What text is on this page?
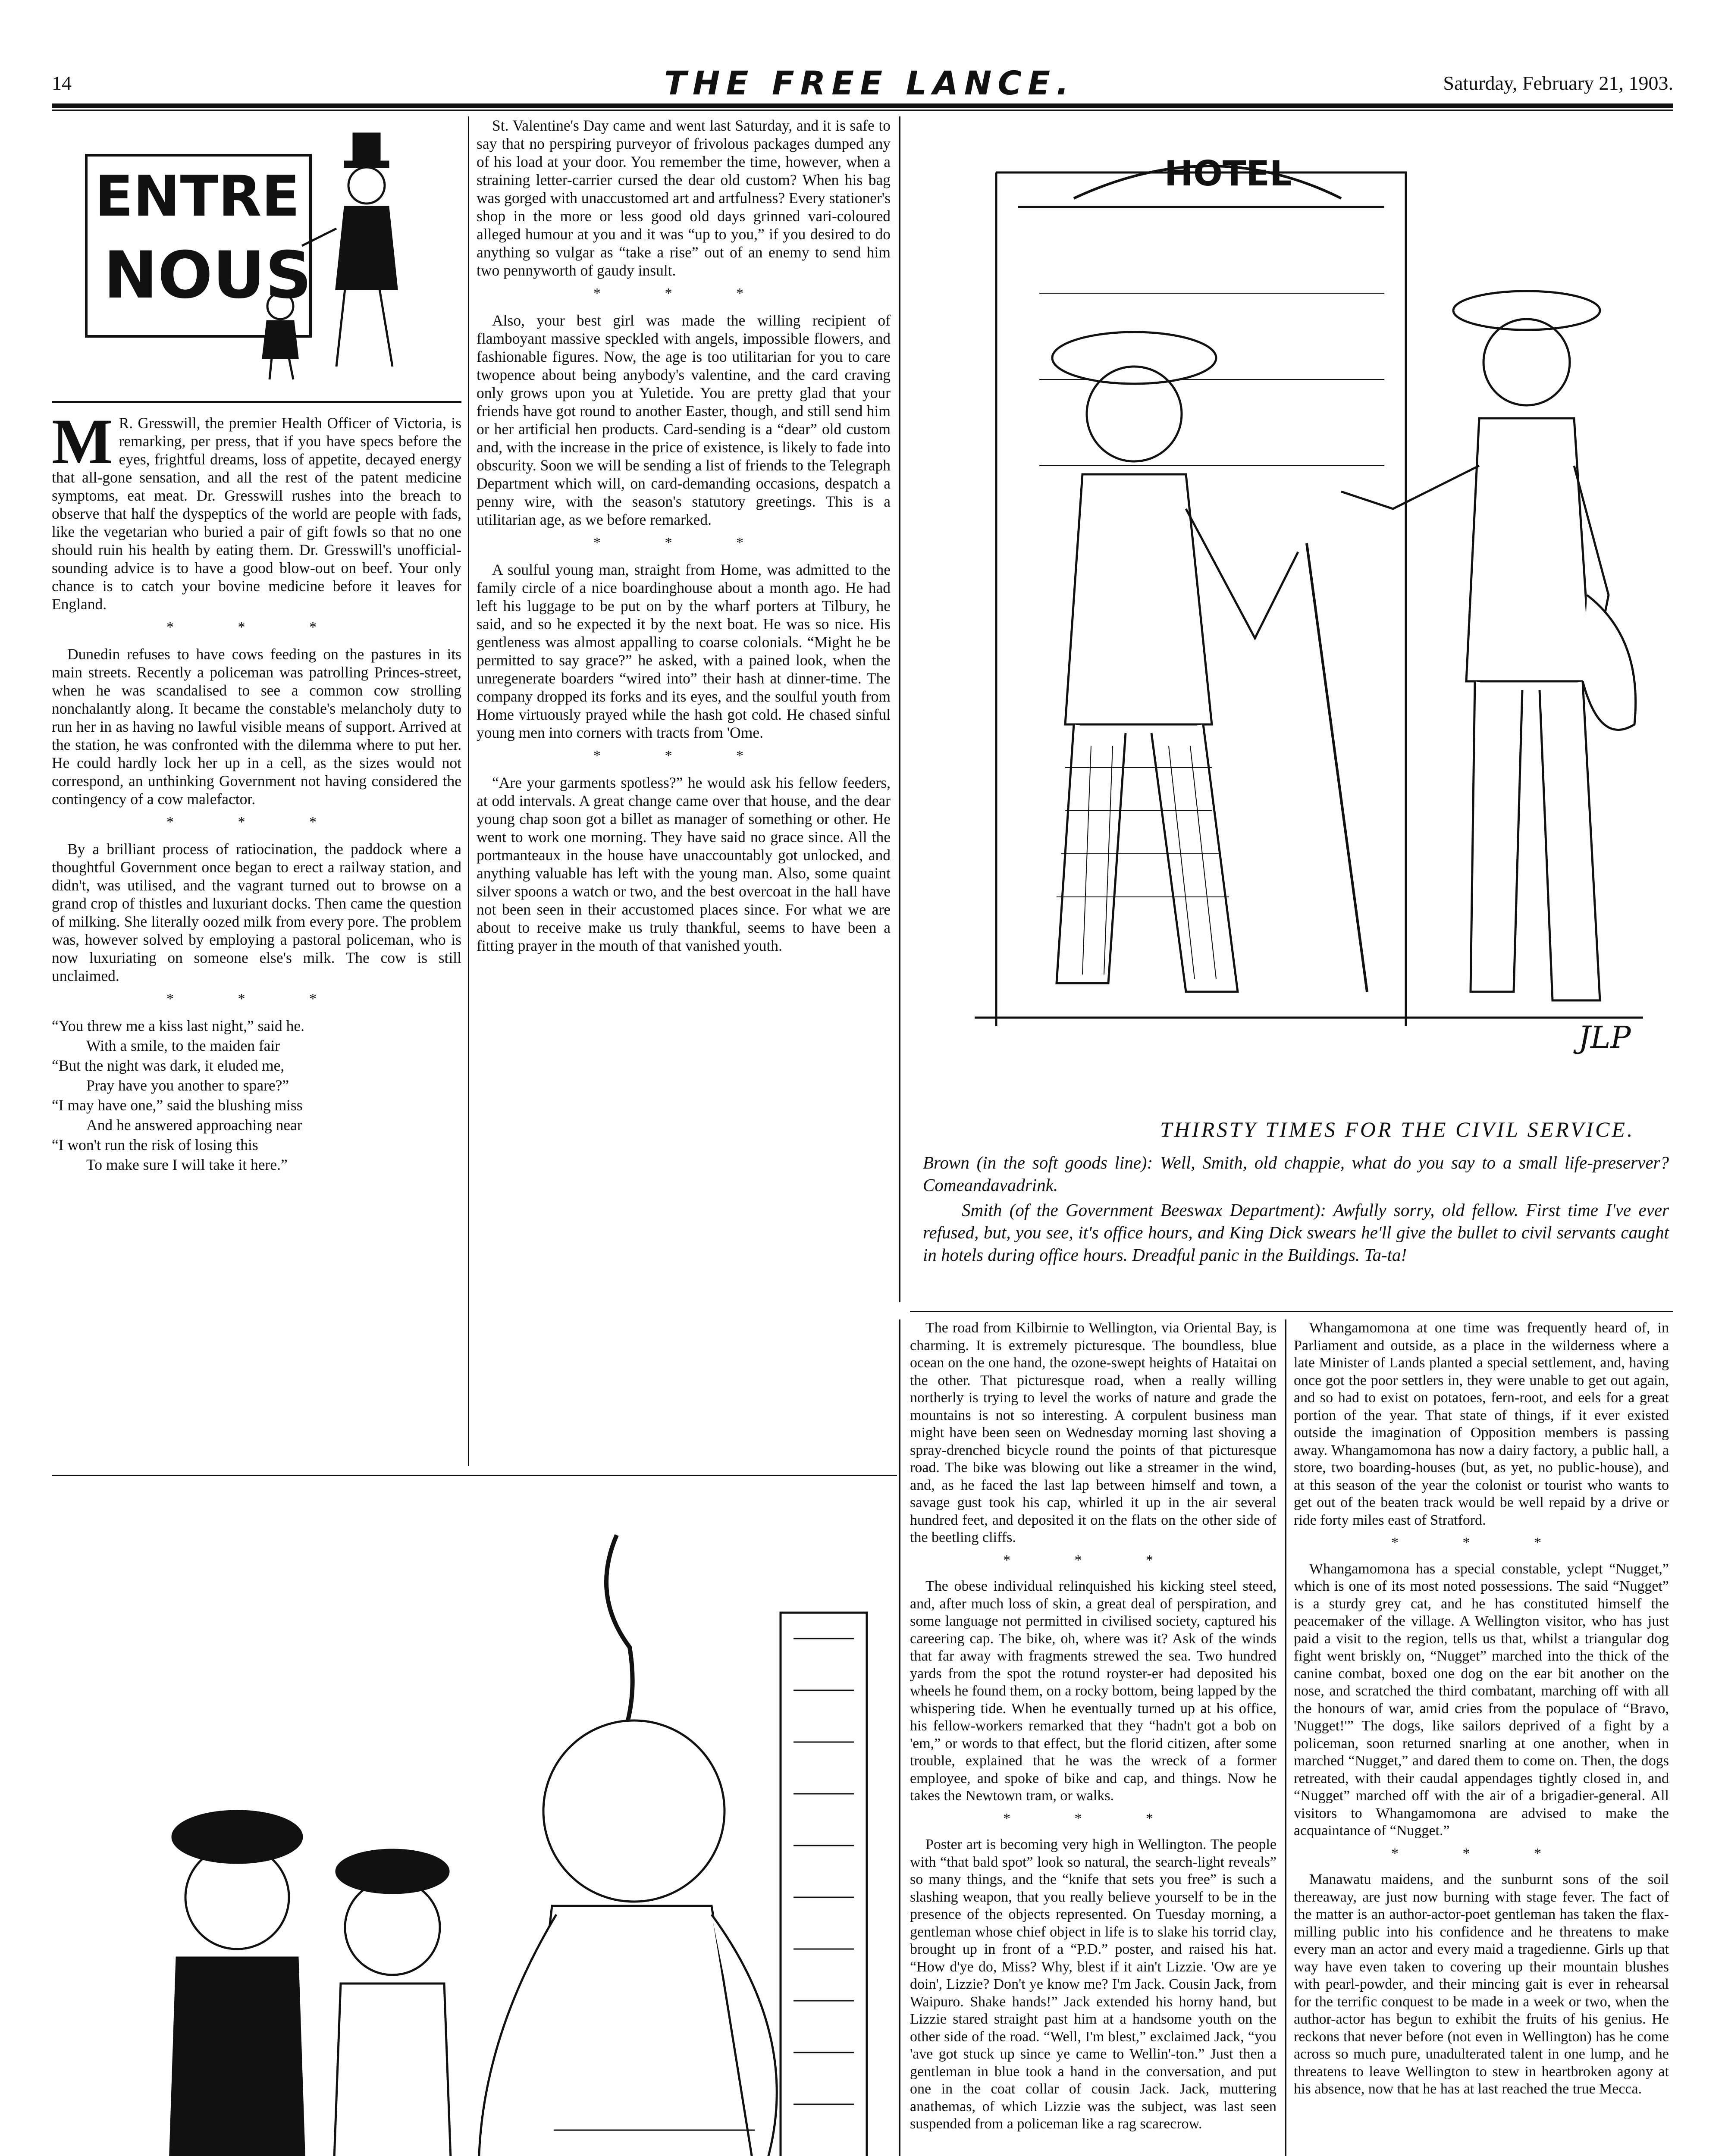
14	THE FREE LANCE.	Saturday, February 21, 1903.
ENTRE
NOUS

M R. Gresswill, the premier Health Officer of Victoria, is remarking, per press, that if you have specs before the eyes, frightful dreams, loss of appetite, decayed energy that all-gone sensation, and all the rest of the patent medicine symptoms, eat meat. Dr. Gresswill rushes into the breach to observe that half the dyspeptics of the world are people with fads, like the vegetarian who buried a pair of gift fowls so that no one should ruin his health by eating them. Dr. Gresswill's unofficial-sounding advice is to have a good blow-out on beef. Your only chance is to catch your bovine medicine before it leaves for England.

* * *

Dunedin refuses to have cows feeding on the pastures in its main streets. Recently a policeman was patrolling Princes-street, when he was scandalised to see a common cow strolling nonchalantly along. It became the constable's melancholy duty to run her in as having no lawful visible means of support. Arrived at the station, he was confronted with the dilemma where to put her. He could hardly lock her up in a cell, as the sizes would not correspond, an unthinking Government not having considered the contingency of a cow malefactor.

* * *

By a brilliant process of ratiocination, the paddock where a thoughtful Government once began to erect a railway station, and didn't, was utilised, and the vagrant turned out to browse on a grand crop of thistles and luxuriant docks. Then came the question of milking. She literally oozed milk from every pore. The problem was, however solved by employing a pastoral policeman, who is now luxuriating on someone else's milk. The cow is still unclaimed.

* * *
“You threw me a kiss last night,” said he.
With a smile, to the maiden fair
“But the night was dark, it eluded me,
Pray have you another to spare?”
“I may have one,” said the blushing miss
And he answered approaching near
“I won't run the risk of losing this
To make sure I will take it here.”

St. Valentine's Day came and went last Saturday, and it is safe to say that no perspiring purveyor of frivolous packages dumped any of his load at your door. You remember the time, however, when a straining letter-carrier cursed the dear old custom? When his bag was gorged with unaccustomed art and artfulness? Every stationer's shop in the more or less good old days grinned vari-coloured alleged humour at you and it was “up to you,” if you desired to do anything so vulgar as “take a rise” out of an enemy to send him two pennyworth of gaudy insult.

* * *

Also, your best girl was made the willing recipient of flamboyant massive speckled with angels, impossible flowers, and fashionable figures. Now, the age is too utilitarian for you to care twopence about being anybody's valentine, and the card craving only grows upon you at Yuletide. You are pretty glad that your friends have got round to another Easter, though, and still send him or her artificial hen products. Card-sending is a “dear” old custom and, with the increase in the price of existence, is likely to fade into obscurity. Soon we will be sending a list of friends to the Telegraph Department which will, on card-demanding occasions, despatch a penny wire, with the season's statutory greetings. This is a utilitarian age, as we before remarked.

* * *

A soulful young man, straight from Home, was admitted to the family circle of a nice boardinghouse about a month ago. He had left his luggage to be put on by the wharf porters at Tilbury, he said, and so he expected it by the next boat. He was so nice. His gentleness was almost appalling to coarse colonials. “Might he be permitted to say grace?” he asked, with a pained look, when the unregenerate boarders “wired into” their hash at dinner-time. The company dropped its forks and its eyes, and the soulful youth from Home virtuously prayed while the hash got cold. He chased sinful young men into corners with tracts from 'Ome.

* * *

“Are your garments spotless?” he would ask his fellow feeders, at odd intervals. A great change came over that house, and the dear young chap soon got a billet as manager of something or other. He went to work one morning. They have said no grace since. All the portmanteaux in the house have unaccountably got unlocked, and anything valuable has left with the young man. Also, some quaint silver spoons a watch or two, and the best overcoat in the hall have not been seen in their accustomed places since. For what we are about to receive make us truly thankful, seems to have been a fitting prayer in the mouth of that vanished youth.

HOTEL
JLP
THIRSTY TIMES FOR THE CIVIL SERVICE.
Brown (in the soft goods line): Well, Smith, old chappie, what do you say to a small life-preserver? Comeandavadrink.
Smith (of the Government Beeswax Department): Awfully sorry, old fellow. First time I've ever refused, but, you see, it's office hours, and King Dick swears he'll give the bullet to civil servants caught in hotels during office hours. Dreadful panic in the Buildings. Ta-ta!

The road from Kilbirnie to Wellington, via Oriental Bay, is charming. It is extremely picturesque. The boundless, blue ocean on the one hand, the ozone-swept heights of Hataitai on the other. That picturesque road, when a really willing northerly is trying to level the works of nature and grade the mountains is not so interesting. A corpulent business man might have been seen on Wednesday morning last shoving a spray-drenched bicycle round the points of that picturesque road. The bike was blowing out like a streamer in the wind, and, as he faced the last lap between himself and town, a savage gust took his cap, whirled it up in the air several hundred feet, and deposited it on the flats on the other side of the beetling cliffs.

* * *

The obese individual relinquished his kicking steel steed, and, after much loss of skin, a great deal of perspiration, and some language not permitted in civilised society, captured his careering cap. The bike, oh, where was it? Ask of the winds that far away with fragments strewed the sea. Two hundred yards from the spot the rotund royster-er had deposited his wheels he found them, on a rocky bottom, being lapped by the whispering tide. When he eventually turned up at his office, his fellow-workers remarked that they “hadn't got a bob on 'em,” or words to that effect, but the florid citizen, after some trouble, explained that he was the wreck of a former employee, and spoke of bike and cap, and things. Now he takes the Newtown tram, or walks.

* * *

Poster art is becoming very high in Wellington. The people with “that bald spot” look so natural, the search-light reveals” so many things, and the “knife that sets you free” is such a slashing weapon, that you really believe yourself to be in the presence of the objects represented. On Tuesday morning, a gentleman whose chief object in life is to slake his torrid clay, brought up in front of a “P.D.” poster, and raised his hat. “How d'ye do, Miss? Why, blest if it ain't Lizzie. 'Ow are ye doin', Lizzie? Don't ye know me? I'm Jack. Cousin Jack, from Waipuro. Shake hands!” Jack extended his horny hand, but Lizzie stared straight past him at a handsome youth on the other side of the road. “Well, I'm blest,” exclaimed Jack, “you 'ave got stuck up since ye came to Wellin'-ton.” Just then a gentleman in blue took a hand in the conversation, and put one in the coat collar of cousin Jack. Jack, muttering anathemas, of which Lizzie was the subject, was last seen suspended from a policeman like a rag scarecrow.

Whangamomona at one time was frequently heard of, in Parliament and outside, as a place in the wilderness where a late Minister of Lands planted a special settlement, and, having once got the poor settlers in, they were unable to get out again, and so had to exist on potatoes, fern-root, and eels for a great portion of the year. That state of things, if it ever existed outside the imagination of Opposition members is passing away. Whangamomona has now a dairy factory, a public hall, a store, two boarding-houses (but, as yet, no public-house), and at this season of the year the colonist or tourist who wants to get out of the beaten track would be well repaid by a drive or ride forty miles east of Stratford.

* * *

Whangamomona has a special constable, yclept “Nugget,” which is one of its most noted possessions. The said “Nugget” is a sturdy grey cat, and he has constituted himself the peacemaker of the village. A Wellington visitor, who has just paid a visit to the region, tells us that, whilst a triangular dog fight went briskly on, “Nugget” marched into the thick of the canine combat, boxed one dog on the ear bit another on the nose, and scratched the third combatant, marching off with all the honours of war, amid cries from the populace of “Bravo, 'Nugget!'” The dogs, like sailors deprived of a fight by a policeman, soon returned snarling at one another, when in marched “Nugget,” and dared them to come on. Then, the dogs retreated, with their caudal appendages tightly closed in, and “Nugget” marched off with the air of a brigadier-general. All visitors to Whangamomona are advised to make the acquaintance of “Nugget.”

* * *

Manawatu maidens, and the sunburnt sons of the soil thereaway, are just now burning with stage fever. The fact of the matter is an author-actor-poet gentleman has taken the flax-milling public into his confidence and he threatens to make every man an actor and every maid a tragedienne. Girls up that way have even taken to covering up their mountain blushes with pearl-powder, and their mincing gait is ever in rehearsal for the terrific conquest to be made in a week or two, when the author-actor has begun to exhibit the fruits of his genius. He reckons that never before (not even in Wellington) has he come across so much pure, unadulterated talent in one lump, and he threatens to leave Wellington to stew in heartbroken agony at his absence, now that he has at last reached the true Mecca.
